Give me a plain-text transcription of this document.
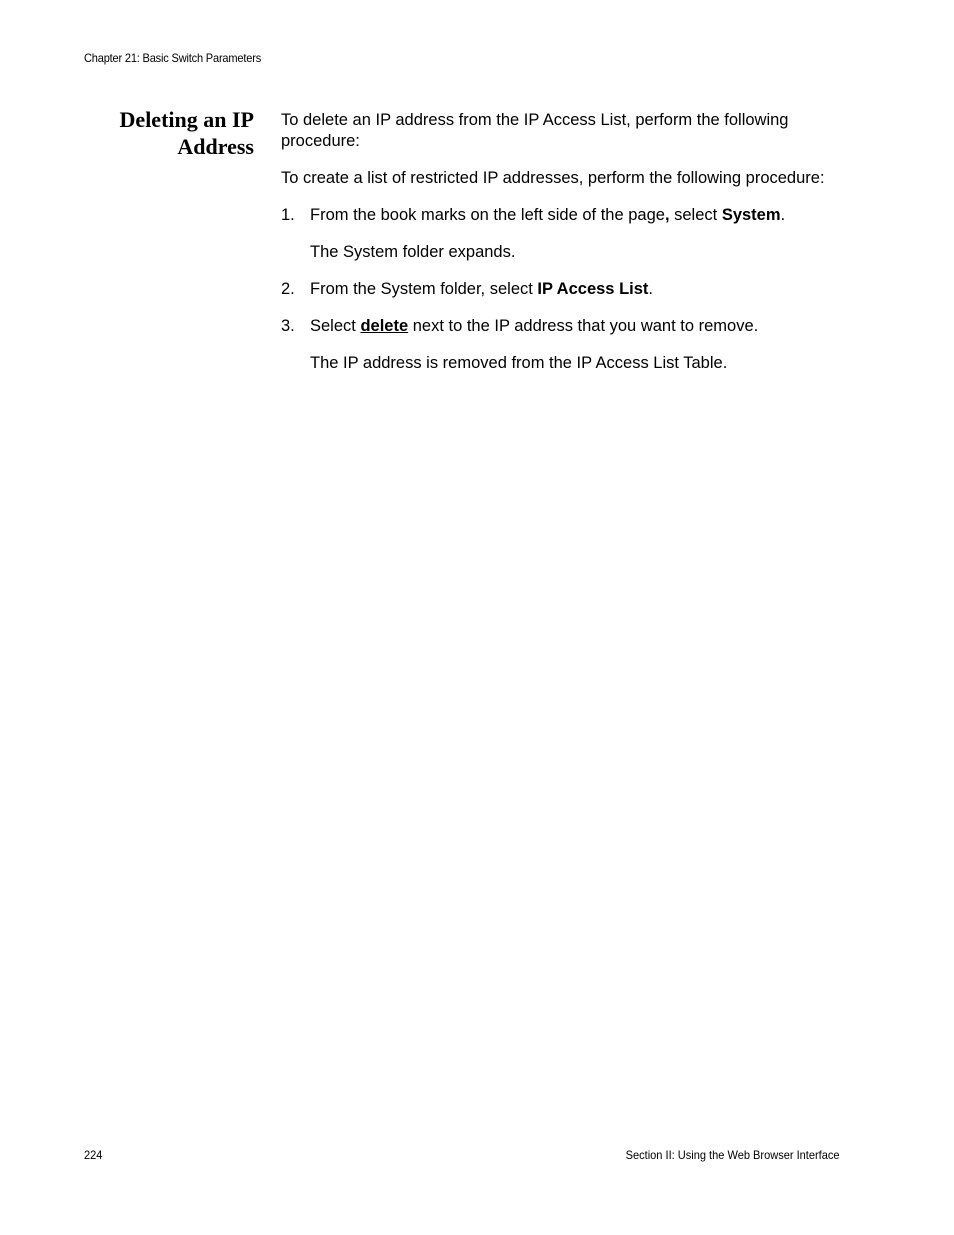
Chapter 21: Basic Switch Parameters
Deleting an IP
Address

To delete an IP address from the IP Access List, perform the following procedure:

To create a list of restricted IP addresses, perform the following procedure:

1. From the book marks on the left side of the page, select System.

The System folder expands.

2. From the System folder, select IP Access List.
3. Select delete next to the IP address that you want to remove.

The IP address is removed from the IP Access List Table.

224	Section II: Using the Web Browser Interface
